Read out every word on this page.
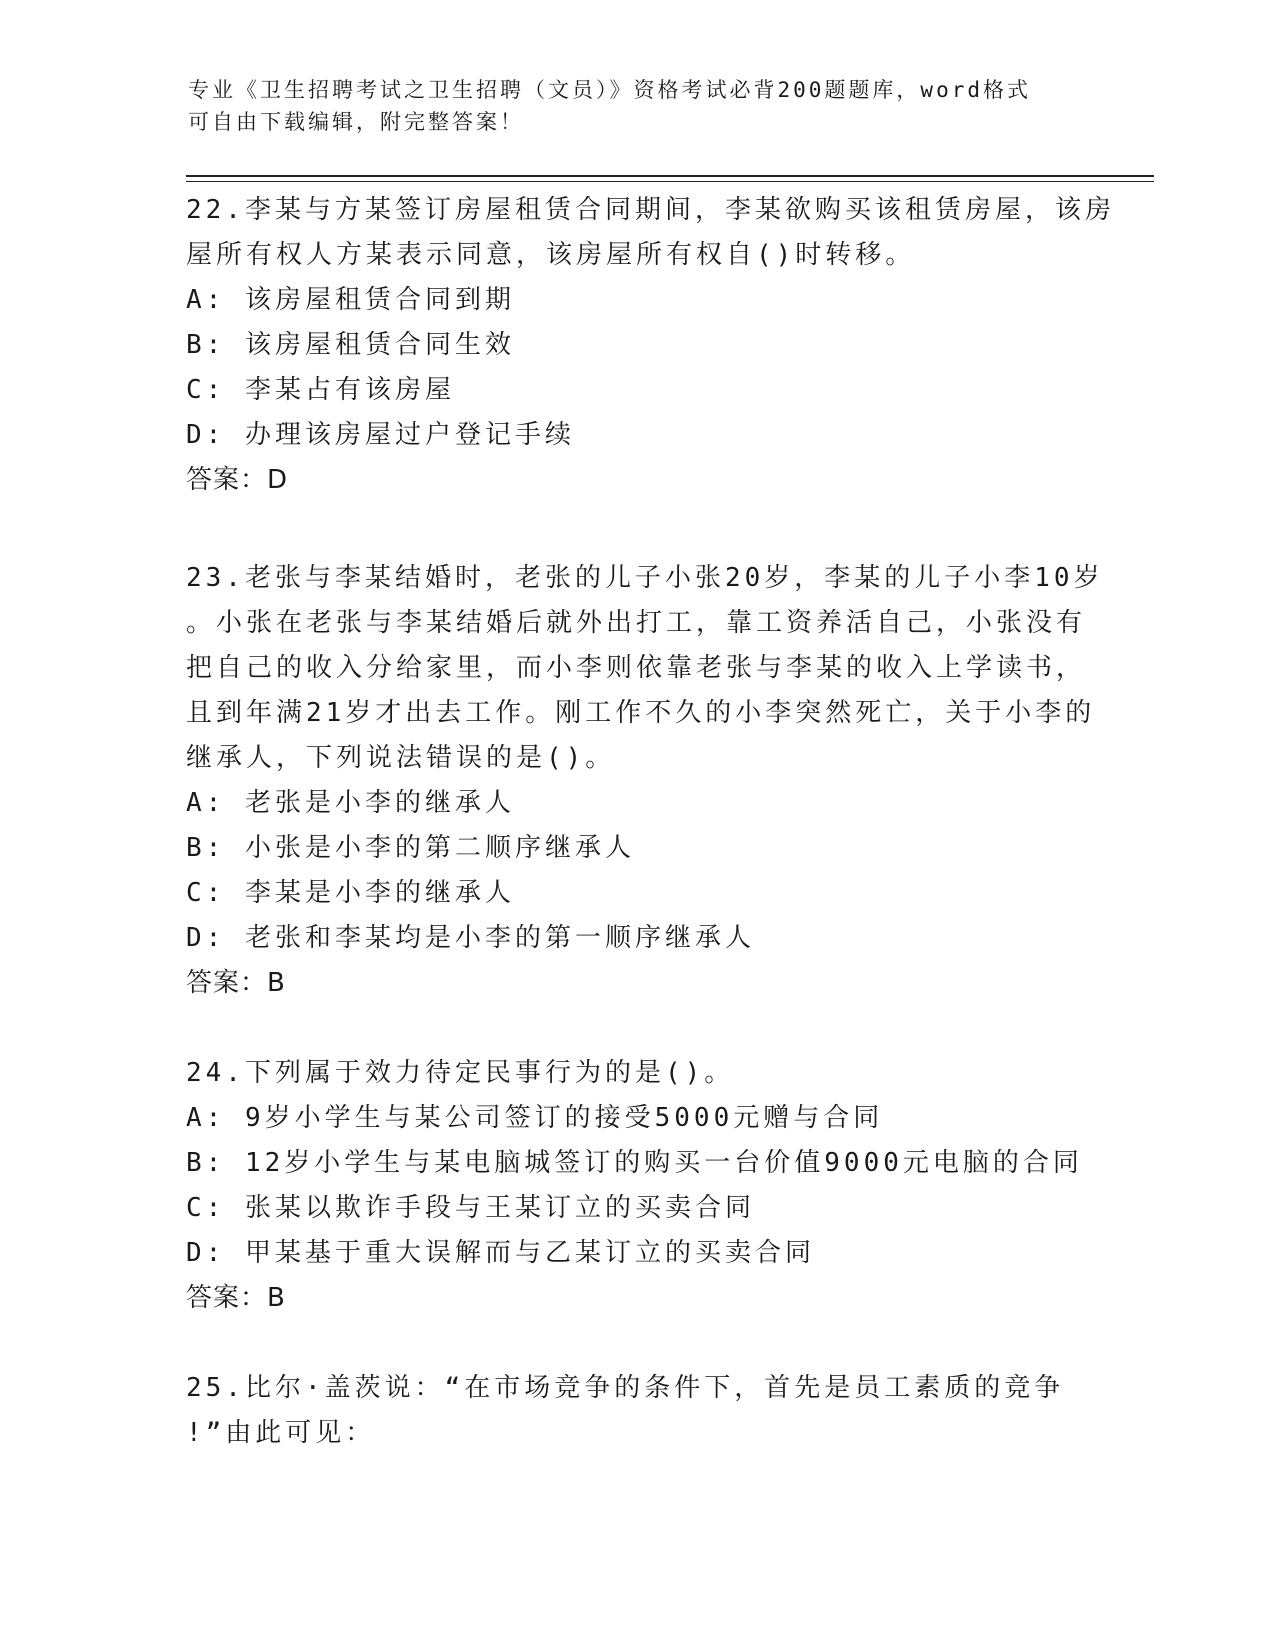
专业《卫生招聘考试之卫生招聘（文员）》资格考试必背200题题库，word格式
可自由下载编辑，附完整答案！
22.李某与方某签订房屋租赁合同期间，李某欲购买该租赁房屋，该房
屋所有权人方某表示同意，该房屋所有权自()时转移。
A: 该房屋租赁合同到期
B: 该房屋租赁合同生效
C: 李某占有该房屋
D: 办理该房屋过户登记手续
答案：D
23.老张与李某结婚时，老张的儿子小张20岁，李某的儿子小李10岁
。小张在老张与李某结婚后就外出打工，靠工资养活自己，小张没有
把自己的收入分给家里，而小李则依靠老张与李某的收入上学读书，
且到年满21岁才出去工作。刚工作不久的小李突然死亡，关于小李的
继承人，下列说法错误的是()。
A: 老张是小李的继承人
B: 小张是小李的第二顺序继承人
C: 李某是小李的继承人
D: 老张和李某均是小李的第一顺序继承人
答案：B
24.下列属于效力待定民事行为的是()。
A: 9岁小学生与某公司签订的接受5000元赠与合同
B: 12岁小学生与某电脑城签订的购买一台价值9000元电脑的合同
C: 张某以欺诈手段与王某订立的买卖合同
D: 甲某基于重大误解而与乙某订立的买卖合同
答案：B
25.比尔·盖茨说：“在市场竞争的条件下，首先是员工素质的竞争
!”由此可见：
